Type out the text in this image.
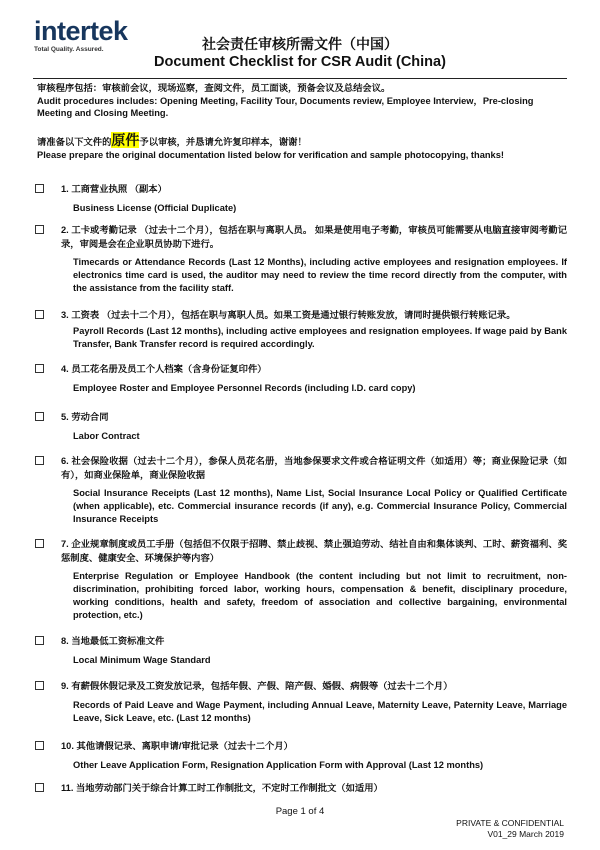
intertek
Total Quality. Assured.	社会责任审核所需文件（中国）
Document Checklist for CSR Audit (China)
审核程序包括：审核前会议，现场巡察，查阅文件，员工面谈，预备会议及总结会议。
Audit procedures includes: Opening Meeting, Facility Tour, Documents review, Employee Interview，Pre-closing Meeting and Closing Meeting.
请准备以下文件的原件予以审核，并恳请允许复印样本，谢谢！
Please prepare the original documentation listed below for verification and sample photocopying, thanks!
1. 工商营业执照 （副本）
Business License (Official Duplicate)
2. 工卡或考勤记录 （过去十二个月），包括在职与离职人员。 如果是使用电子考勤，审核员可能需要从电脑直接审阅考勤记录，审阅是会在企业职员协助下进行。
Timecards or Attendance Records (Last 12 Months), including active employees and resignation employees. If electronics time card is used, the auditor may need to review the time record directly from the computer, with the assistance from the facility staff.
3. 工资表 （过去十二个月），包括在职与离职人员。如果工资是通过银行转账发放，请同时提供银行转账记录。
Payroll Records (Last 12 months), including active employees and resignation employees. If wage paid by Bank Transfer, Bank Transfer record is required accordingly.
4. 员工花名册及员工个人档案（含身份证复印件）
Employee Roster and Employee Personnel Records (including I.D. card copy)
5. 劳动合同
Labor Contract
6. 社会保险收据（过去十二个月），参保人员花名册，当地参保要求文件或合格证明文件（如适用）等；商业保险记录（如有），如商业保险单，商业保险收据
Social Insurance Receipts (Last 12 months), Name List, Social Insurance Local Policy or Qualified Certificate (when applicable), etc. Commercial insurance records (if any), e.g. Commercial Insurance Policy, Commercial Insurance Receipts
7. 企业规章制度或员工手册（包括但不仅限于招聘、禁止歧视、禁止强迫劳动、结社自由和集体谈判、工时、薪资福利、奖惩制度、健康安全、环境保护等内容）
Enterprise Regulation or Employee Handbook (the content including but not limit to recruitment, non-discrimination, prohibiting forced labor, working hours, compensation & benefit, disciplinary procedure, working conditions, health and safety, freedom of association and collective bargaining, environmental protection, etc.)
8. 当地最低工资标准文件
Local Minimum Wage Standard
9. 有薪假休假记录及工资发放记录，包括年假、产假、陪产假、婚假、病假等（过去十二个月）
Records of Paid Leave and Wage Payment, including Annual Leave, Maternity Leave, Paternity Leave, Marriage Leave, Sick Leave, etc. (Last 12 months)
10. 其他请假记录、离职申请/审批记录（过去十二个月）
Other Leave Application Form, Resignation Application Form with Approval (Last 12 months)
11. 当地劳动部门关于综合计算工时工作制批文，不定时工作制批文（如适用）
Page 1 of 4
PRIVATE & CONFIDENTIAL
V01_29 March 2019
